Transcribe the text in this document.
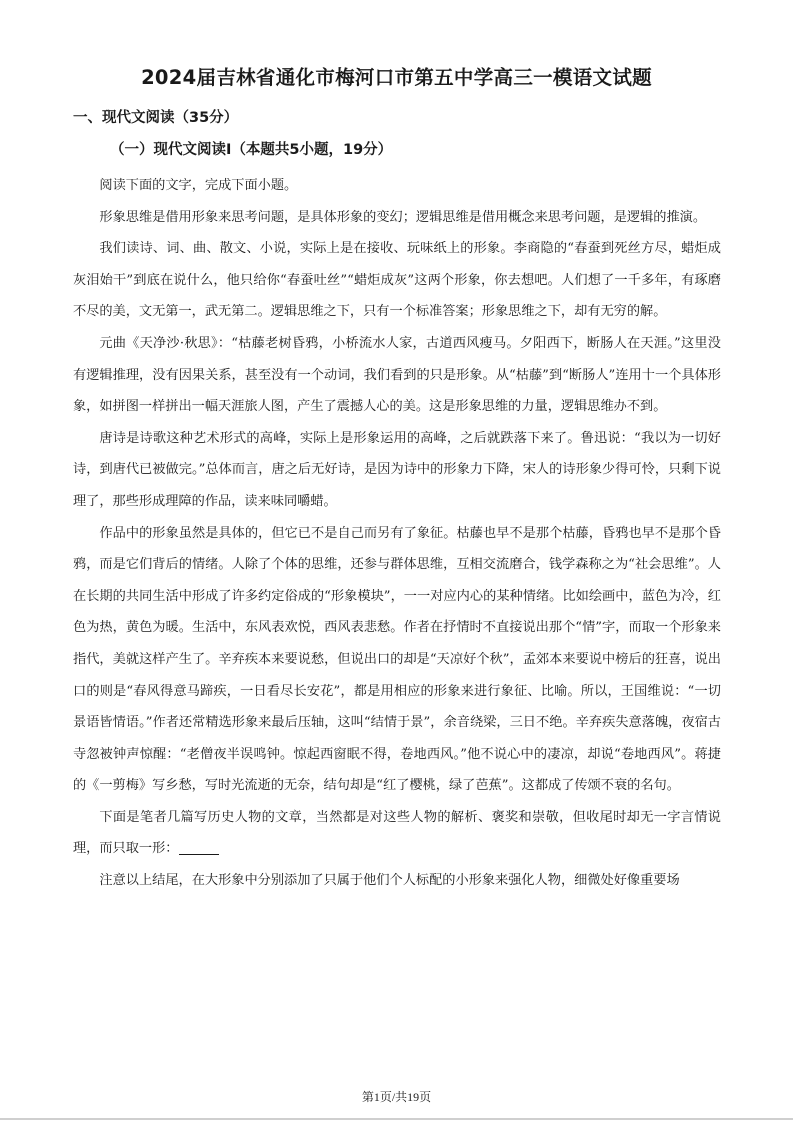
2024届吉林省通化市梅河口市第五中学高三一模语文试题
一、现代文阅读（35分）
（一）现代文阅读Ⅰ（本题共5小题，19分）

阅读下面的文字，完成下面小题。

形象思维是借用形象来思考问题，是具体形象的变幻；逻辑思维是借用概念来思考问题，是逻辑的推演。

我们读诗、词、曲、散文、小说，实际上是在接收、玩味纸上的形象。李商隐的“春蚕到死丝方尽，蜡炬成灰泪始干”到底在说什么，他只给你“春蚕吐丝”“蜡炬成灰”这两个形象，你去想吧。人们想了一千多年，有琢磨不尽的美，文无第一，武无第二。逻辑思维之下，只有一个标准答案；形象思维之下，却有无穷的解。

元曲《天净沙·秋思》：“枯藤老树昏鸦，小桥流水人家，古道西风瘦马。夕阳西下，断肠人在天涯。”这里没有逻辑推理，没有因果关系，甚至没有一个动词，我们看到的只是形象。从“枯藤”到“断肠人”连用十一个具体形象，如拼图一样拼出一幅天涯旅人图，产生了震撼人心的美。这是形象思维的力量，逻辑思维办不到。

唐诗是诗歌这种艺术形式的高峰，实际上是形象运用的高峰，之后就跌落下来了。鲁迅说：“我以为一切好诗，到唐代已被做完。”总体而言，唐之后无好诗，是因为诗中的形象力下降，宋人的诗形象少得可怜，只剩下说理了，那些形成理障的作品，读来味同嚼蜡。

作品中的形象虽然是具体的，但它已不是自己而另有了象征。枯藤也早不是那个枯藤，昏鸦也早不是那个昏鸦，而是它们背后的情绪。人除了个体的思维，还参与群体思维，互相交流磨合，钱学森称之为“社会思维”。人在长期的共同生活中形成了许多约定俗成的“形象模块”，一一对应内心的某种情绪。比如绘画中，蓝色为冷，红色为热，黄色为暖。生活中，东风表欢悦，西风表悲愁。作者在抒情时不直接说出那个“情”字，而取一个形象来指代，美就这样产生了。辛弃疾本来要说愁，但说出口的却是“天凉好个秋”，孟郊本来要说中榜后的狂喜，说出口的则是“春风得意马蹄疾，一日看尽长安花”，都是用相应的形象来进行象征、比喻。所以，王国维说：“一切景语皆情语。”作者还常精选形象来最后压轴，这叫“结情于景”，余音绕梁，三日不绝。辛弃疾失意落魄，夜宿古寺忽被钟声惊醒：“老僧夜半误鸣钟。惊起西窗眠不得，卷地西风。”他不说心中的凄凉，却说“卷地西风”。蒋捷的《一剪梅》写乡愁，写时光流逝的无奈，结句却是“红了樱桃，绿了芭蕉”。这都成了传颂不衰的名句。

下面是笔者几篇写历史人物的文章，当然都是对这些人物的解析、褒奖和崇敬，但收尾时却无一字言情说理，而只取一形：

注意以上结尾，在大形象中分别添加了只属于他们个人标配的小形象来强化人物，细微处好像重要场

第1页/共19页
